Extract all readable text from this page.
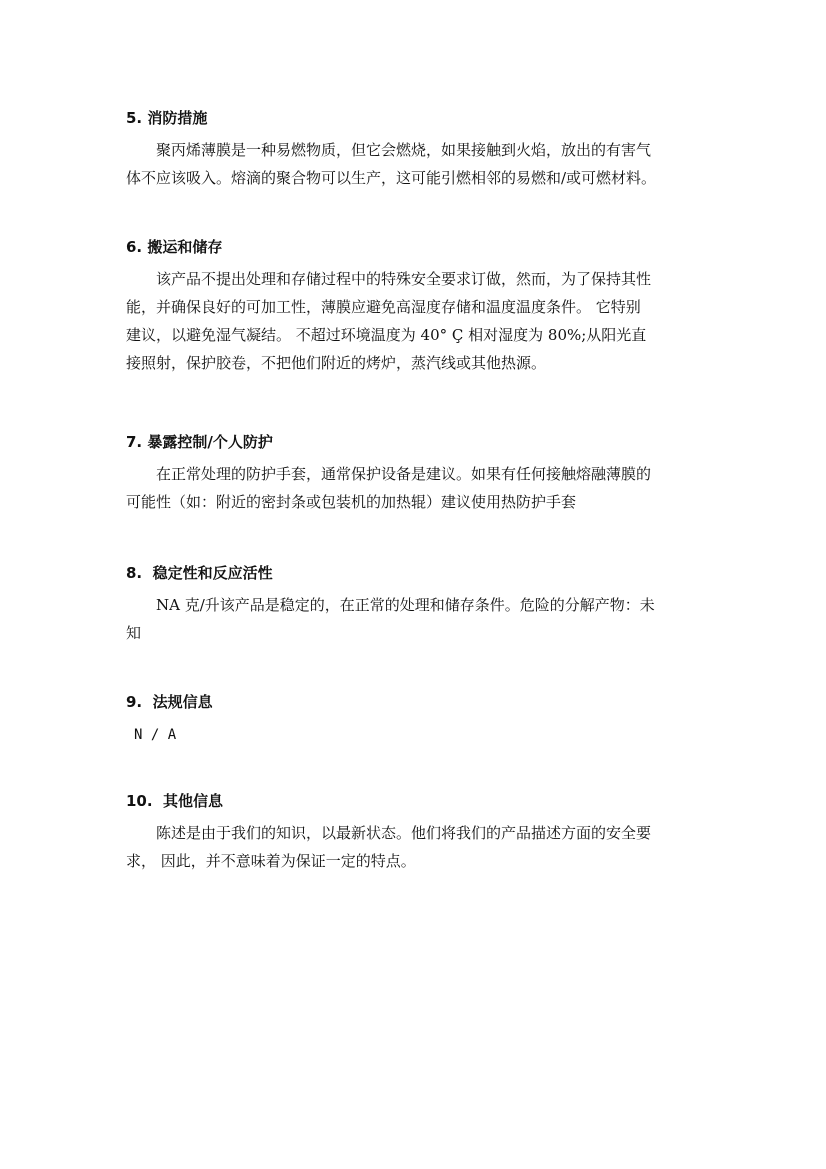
5. 消防措施
　　聚丙烯薄膜是一种易燃物质，但它会燃烧，如果接触到火焰，放出的有害气
体不应该吸入。熔滴的聚合物可以生产，这可能引燃相邻的易燃和/或可燃材料。
6. 搬运和储存
　　该产品不提出处理和存储过程中的特殊安全要求订做，然而，为了保持其性
能，并确保良好的可加工性，薄膜应避免高湿度存储和温度温度条件。 它特别
建议，以避免湿气凝结。 不超过环境温度为 40° Ç 相对湿度为 80%;从阳光直
接照射，保护胶卷，不把他们附近的烤炉，蒸汽线或其他热源。
7. 暴露控制/个人防护
　　在正常处理的防护手套，通常保护设备是建议。如果有任何接触熔融薄膜的
可能性（如：附近的密封条或包装机的加热辊）建议使用热防护手套
8.  稳定性和反应活性
　　NA 克/升该产品是稳定的，在正常的处理和储存条件。危险的分解产物：未
知
9.  法规信息
N / A
10.  其他信息
　　陈述是由于我们的知识，以最新状态。他们将我们的产品描述方面的安全要
求， 因此，并不意味着为保证一定的特点。
